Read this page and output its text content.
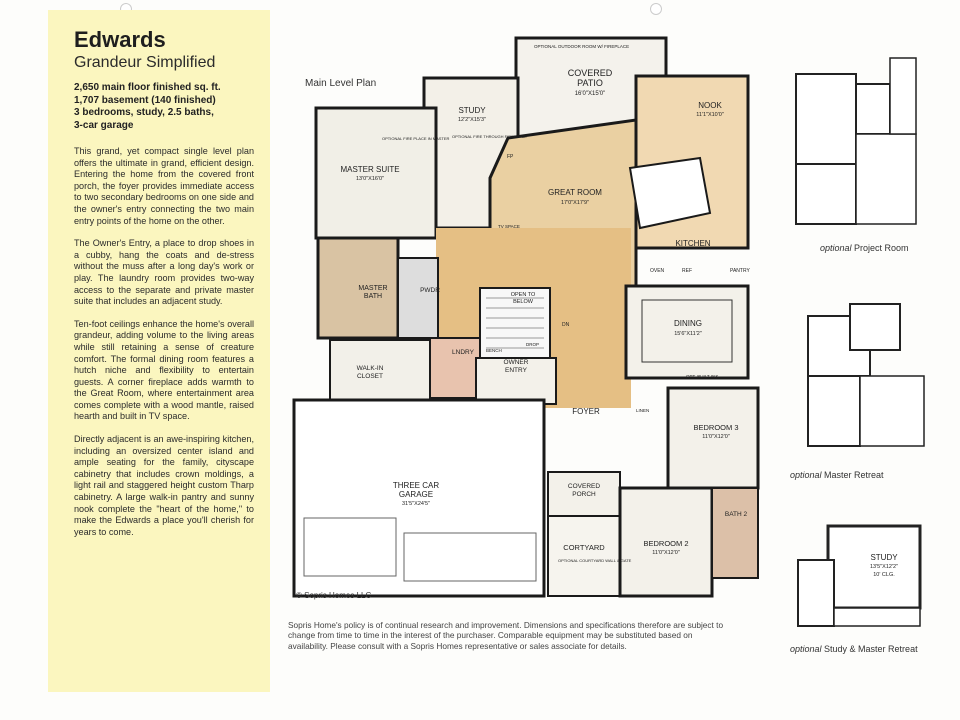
Edwards
Grandeur Simplified
2,650 main floor finished sq. ft.
1,707 basement (140 finished)
3 bedrooms, study, 2.5 baths,
3-car garage

This grand, yet compact single level plan offers the ultimate in grand, efficient design. Entering the home from the covered front porch, the foyer provides immediate access to two secondary bedrooms on one side and the owner's entry connecting the two main entry points of the home on the other.

The Owner's Entry, a place to drop shoes in a cubby, hang the coats and de-stress without the muss after a long day's work or play. The laundry room provides two-way access to the separate and private master suite that includes an adjacent study.

Ten-foot ceilings enhance the home's overall grandeur, adding volume to the living areas while still retaining a sense of creature comfort. The formal dining room features a hutch niche and flexibility to entertain guests. A corner fireplace adds warmth to the Great Room, where entertainment area comes complete with a wood mantle, raised hearth and built in TV space.

Directly adjacent is an awe-inspiring kitchen, including an oversized center island and ample seating for the family, cityscape cabinetry that includes crown moldings, a light rail and staggered height custom Tharp cabinetry. A large walk-in pantry and sunny nook complete the "heart of the home," to make the Edwards a place you'll cherish for years to come.

Main Level Plan
COVERED
PATIO
16'0"X15'0"
OPTIONAL OUTDOOR ROOM W/ FIREPLACE
STUDY
12'2"X15'3"
OPTIONAL FIRE THROUGH FIREPLACE
NOOK
11'1"X10'0"
MASTER SUITE
13'0"X16'0"
OPTIONAL FIRE PLACE IN MASTER
GREAT ROOM
17'0"X17'9"
TV SPACE
FP
KITCHEN
OVEN	REF	PANTRY
MASTER
BATH
PWDR
OPEN TO
BELOW
DN	DINING
15'6"X11'2"
OPT. BUILT-INS
LNDRY	BENCH
DROP
OWNER
ENTRY
WALK-IN
CLOSET
FOYER	LINEN
BEDROOM 3
11'0"X12'0"
THREE CAR
GARAGE
31'5"X24'5"
COVERED
PORCH
CORTYARD
OPTIONAL COURTYARD WALL & GATE
BATH 2
BEDROOM 2
11'0"X12'0"
© Sopris Homes LLC
Sopris Home's policy is of continual research and improvement. Dimensions and specifications therefore are subject to change from time to time in the interest of the purchaser. Comparable equipment may be substituted based on availability. Please consult with a Sopris Homes representative or sales associate for details.
optional Project Room
optional Master Retreat
STUDY
13'5"X12'2"
10' CLG.
optional Study & Master Retreat
